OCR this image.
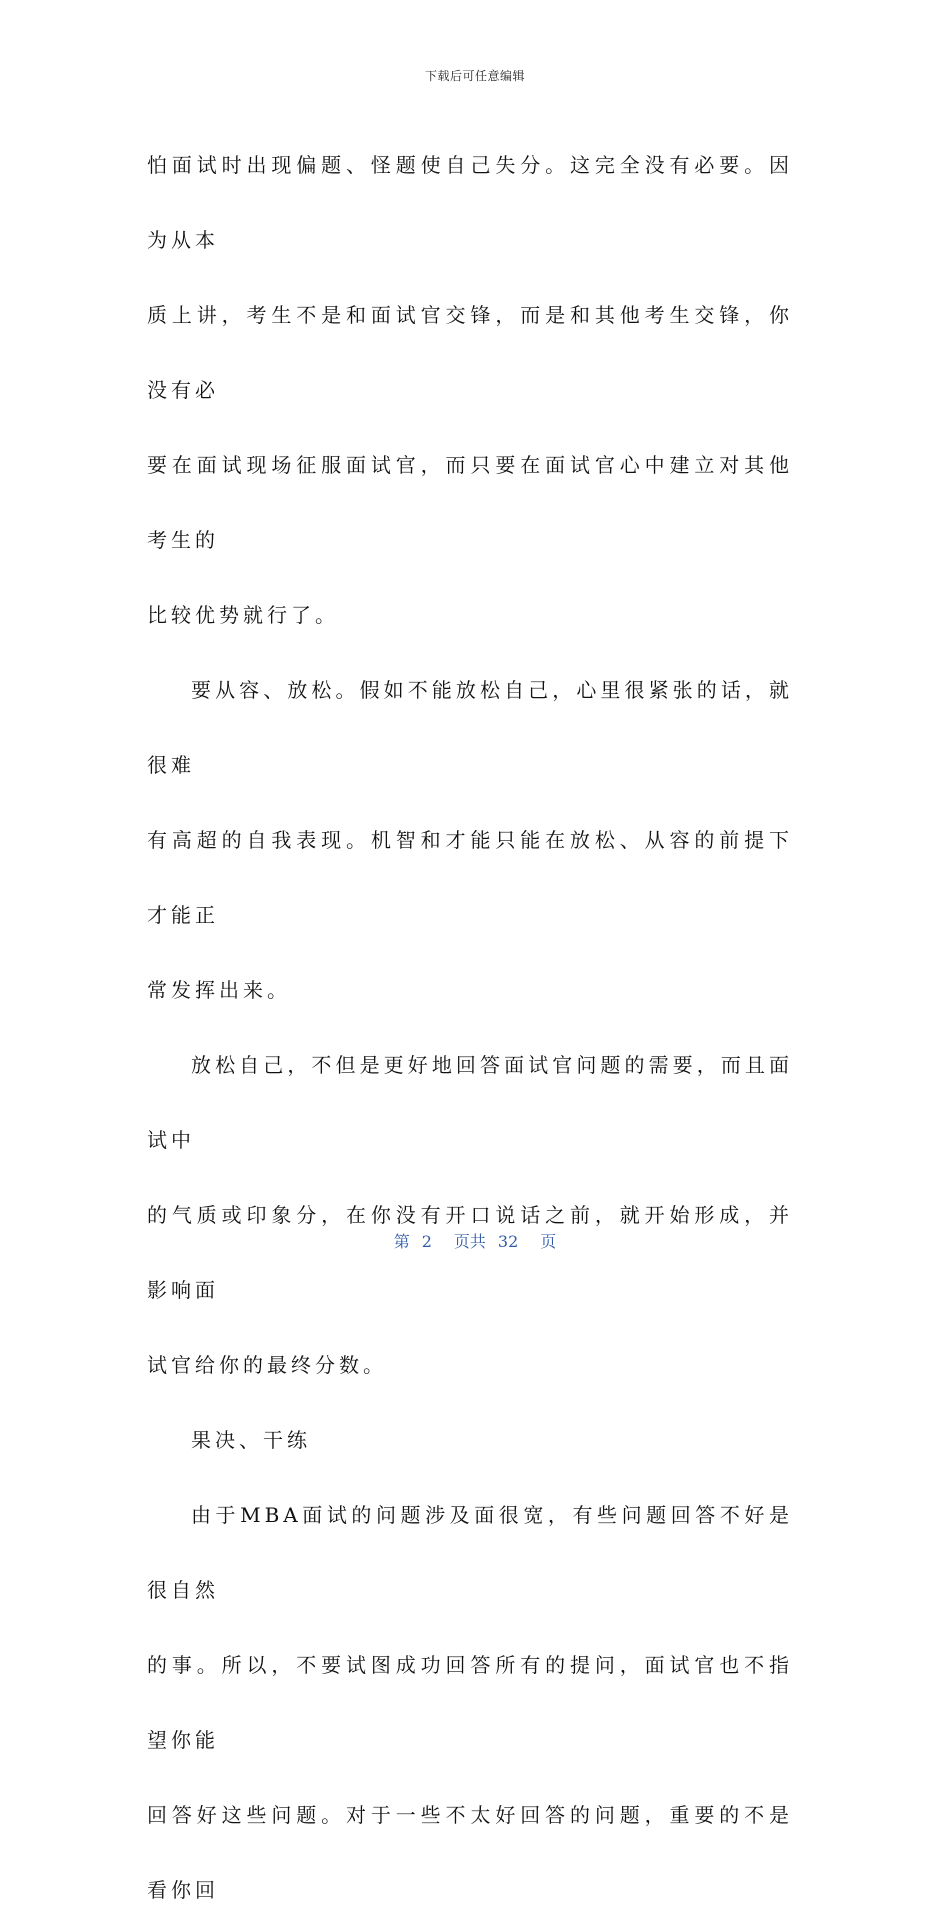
下载后可任意编辑
怕面试时出现偏题、怪题使自己失分。这完全没有必要。因为从本
质上讲，考生不是和面试官交锋，而是和其他考生交锋，你没有必
要在面试现场征服面试官，而只要在面试官心中建立对其他考生的
比较优势就行了。
要从容、放松。假如不能放松自己，心里很紧张的话，就很难
有高超的自我表现。机智和才能只能在放松、从容的前提下才能正
常发挥出来。
放松自己，不但是更好地回答面试官问题的需要，而且面试中
的气质或印象分，在你没有开口说话之前，就开始形成，并影响面
试官给你的最终分数。
果决、干练
由于MBA面试的问题涉及面很宽，有些问题回答不好是很自然
的事。所以，不要试图成功回答所有的提问，面试官也不指望你能
回答好这些问题。对于一些不太好回答的问题，重要的不是看你回
第 2 页共 32 页
